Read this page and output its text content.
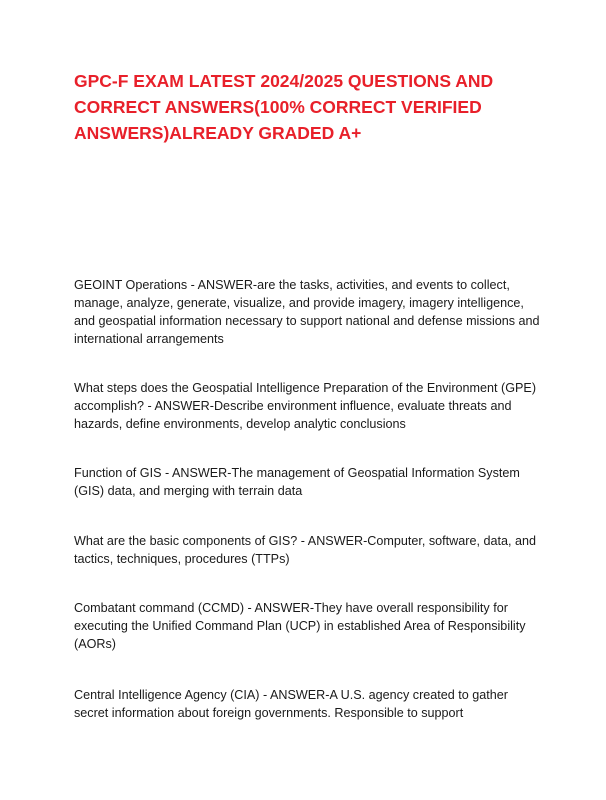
GPC-F EXAM LATEST 2024/2025 QUESTIONS AND CORRECT ANSWERS(100% CORRECT VERIFIED ANSWERS)ALREADY GRADED A+

GEOINT Operations - ANSWER-are the tasks, activities, and events to collect, manage, analyze, generate, visualize, and provide imagery, imagery intelligence, and geospatial information necessary to support national and defense missions and international arrangements

What steps does the Geospatial Intelligence Preparation of the Environment (GPE) accomplish? - ANSWER-Describe environment influence, evaluate threats and hazards, define environments, develop analytic conclusions

Function of GIS - ANSWER-The management of Geospatial Information System (GIS) data, and merging with terrain data

What are the basic components of GIS? - ANSWER-Computer, software, data, and tactics, techniques, procedures (TTPs)

Combatant command (CCMD) - ANSWER-They have overall responsibility for executing the Unified Command Plan (UCP) in established Area of Responsibility (AORs)

Central Intelligence Agency (CIA) - ANSWER-A U.S. agency created to gather secret information about foreign governments. Responsible to support
